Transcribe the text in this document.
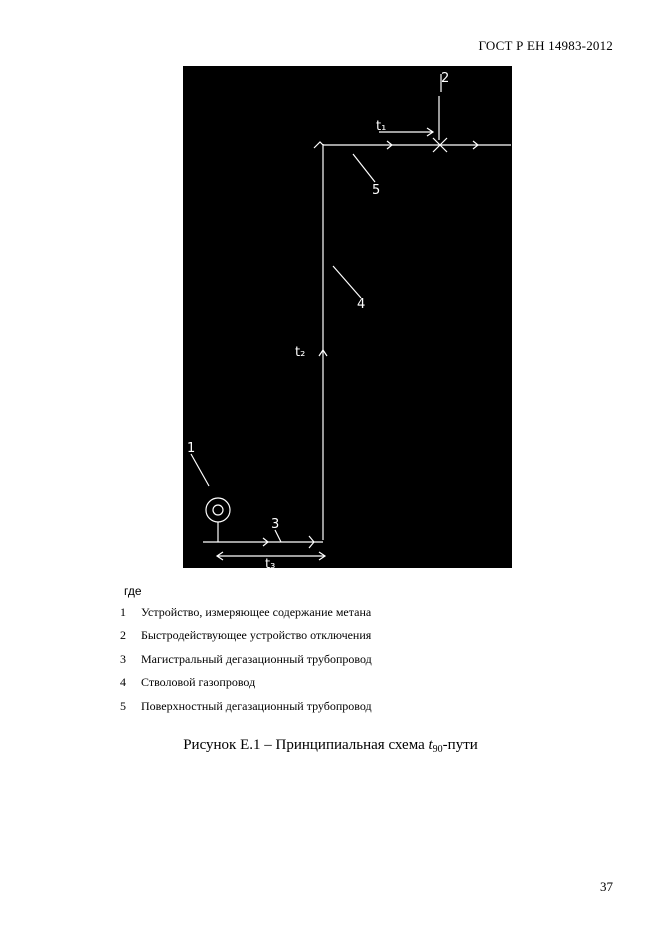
ГОСТ Р ЕН 14983-2012
1
2
3
4
5
t₁
t₂
t₃
где
1	Устройство, измеряющее содержание метана
2	Быстродействующее устройство отключения
3	Магистральный дегазационный трубопровод
4	Стволовой газопровод
5	Поверхностный дегазационный трубопровод
Рисунок Е.1 – Принципиальная схема $t_{90}$-пути
37
